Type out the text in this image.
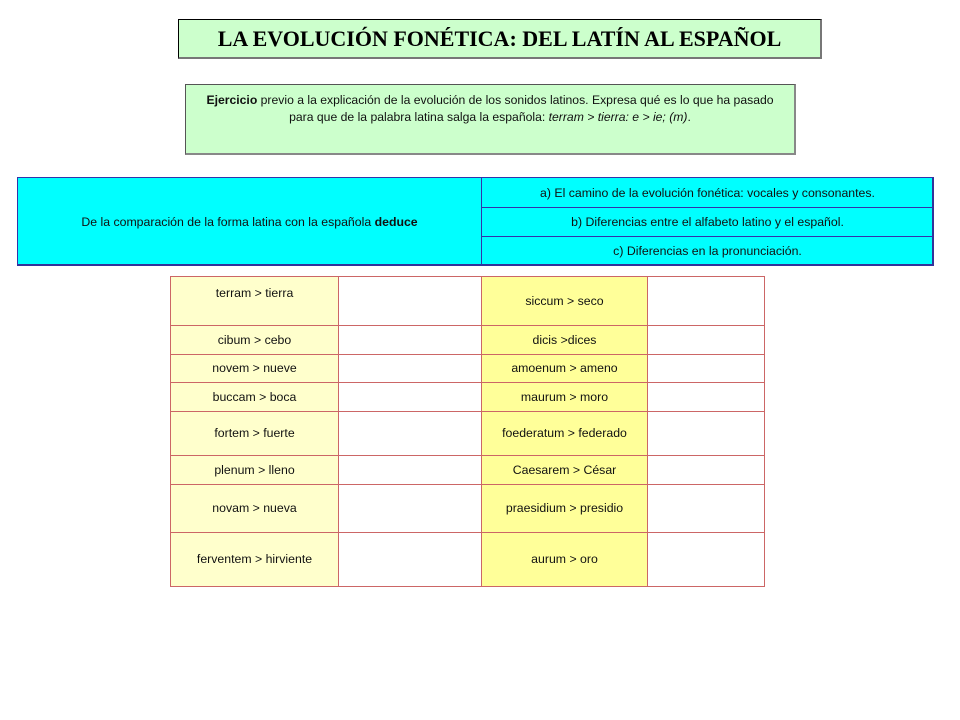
LA EVOLUCIÓN FONÉTICA: DEL LATÍN AL ESPAÑOL
Ejercicio previo a la explicación de la evolución de los sonidos latinos. Expresa qué es lo que ha pasado para que de la palabra latina salga la española: terram > tierra: e > ie; (m).
De la comparación de la forma latina con la española
deduce
a) El camino de la evolución fonética: vocales y consonantes.
b) Diferencias entre el alfabeto latino y el español.
c) Diferencias en la pronunciación.
terram > tierra		siccum > seco	
cibum > cebo		dicis >dices	
novem > nueve		amoenum > ameno	
buccam > boca		maurum > moro	
fortem > fuerte		foederatum > federado	
plenum > lleno		Caesarem > César	
novam > nueva		praesidium > presidio	
ferventem > hirviente		aurum > oro	
